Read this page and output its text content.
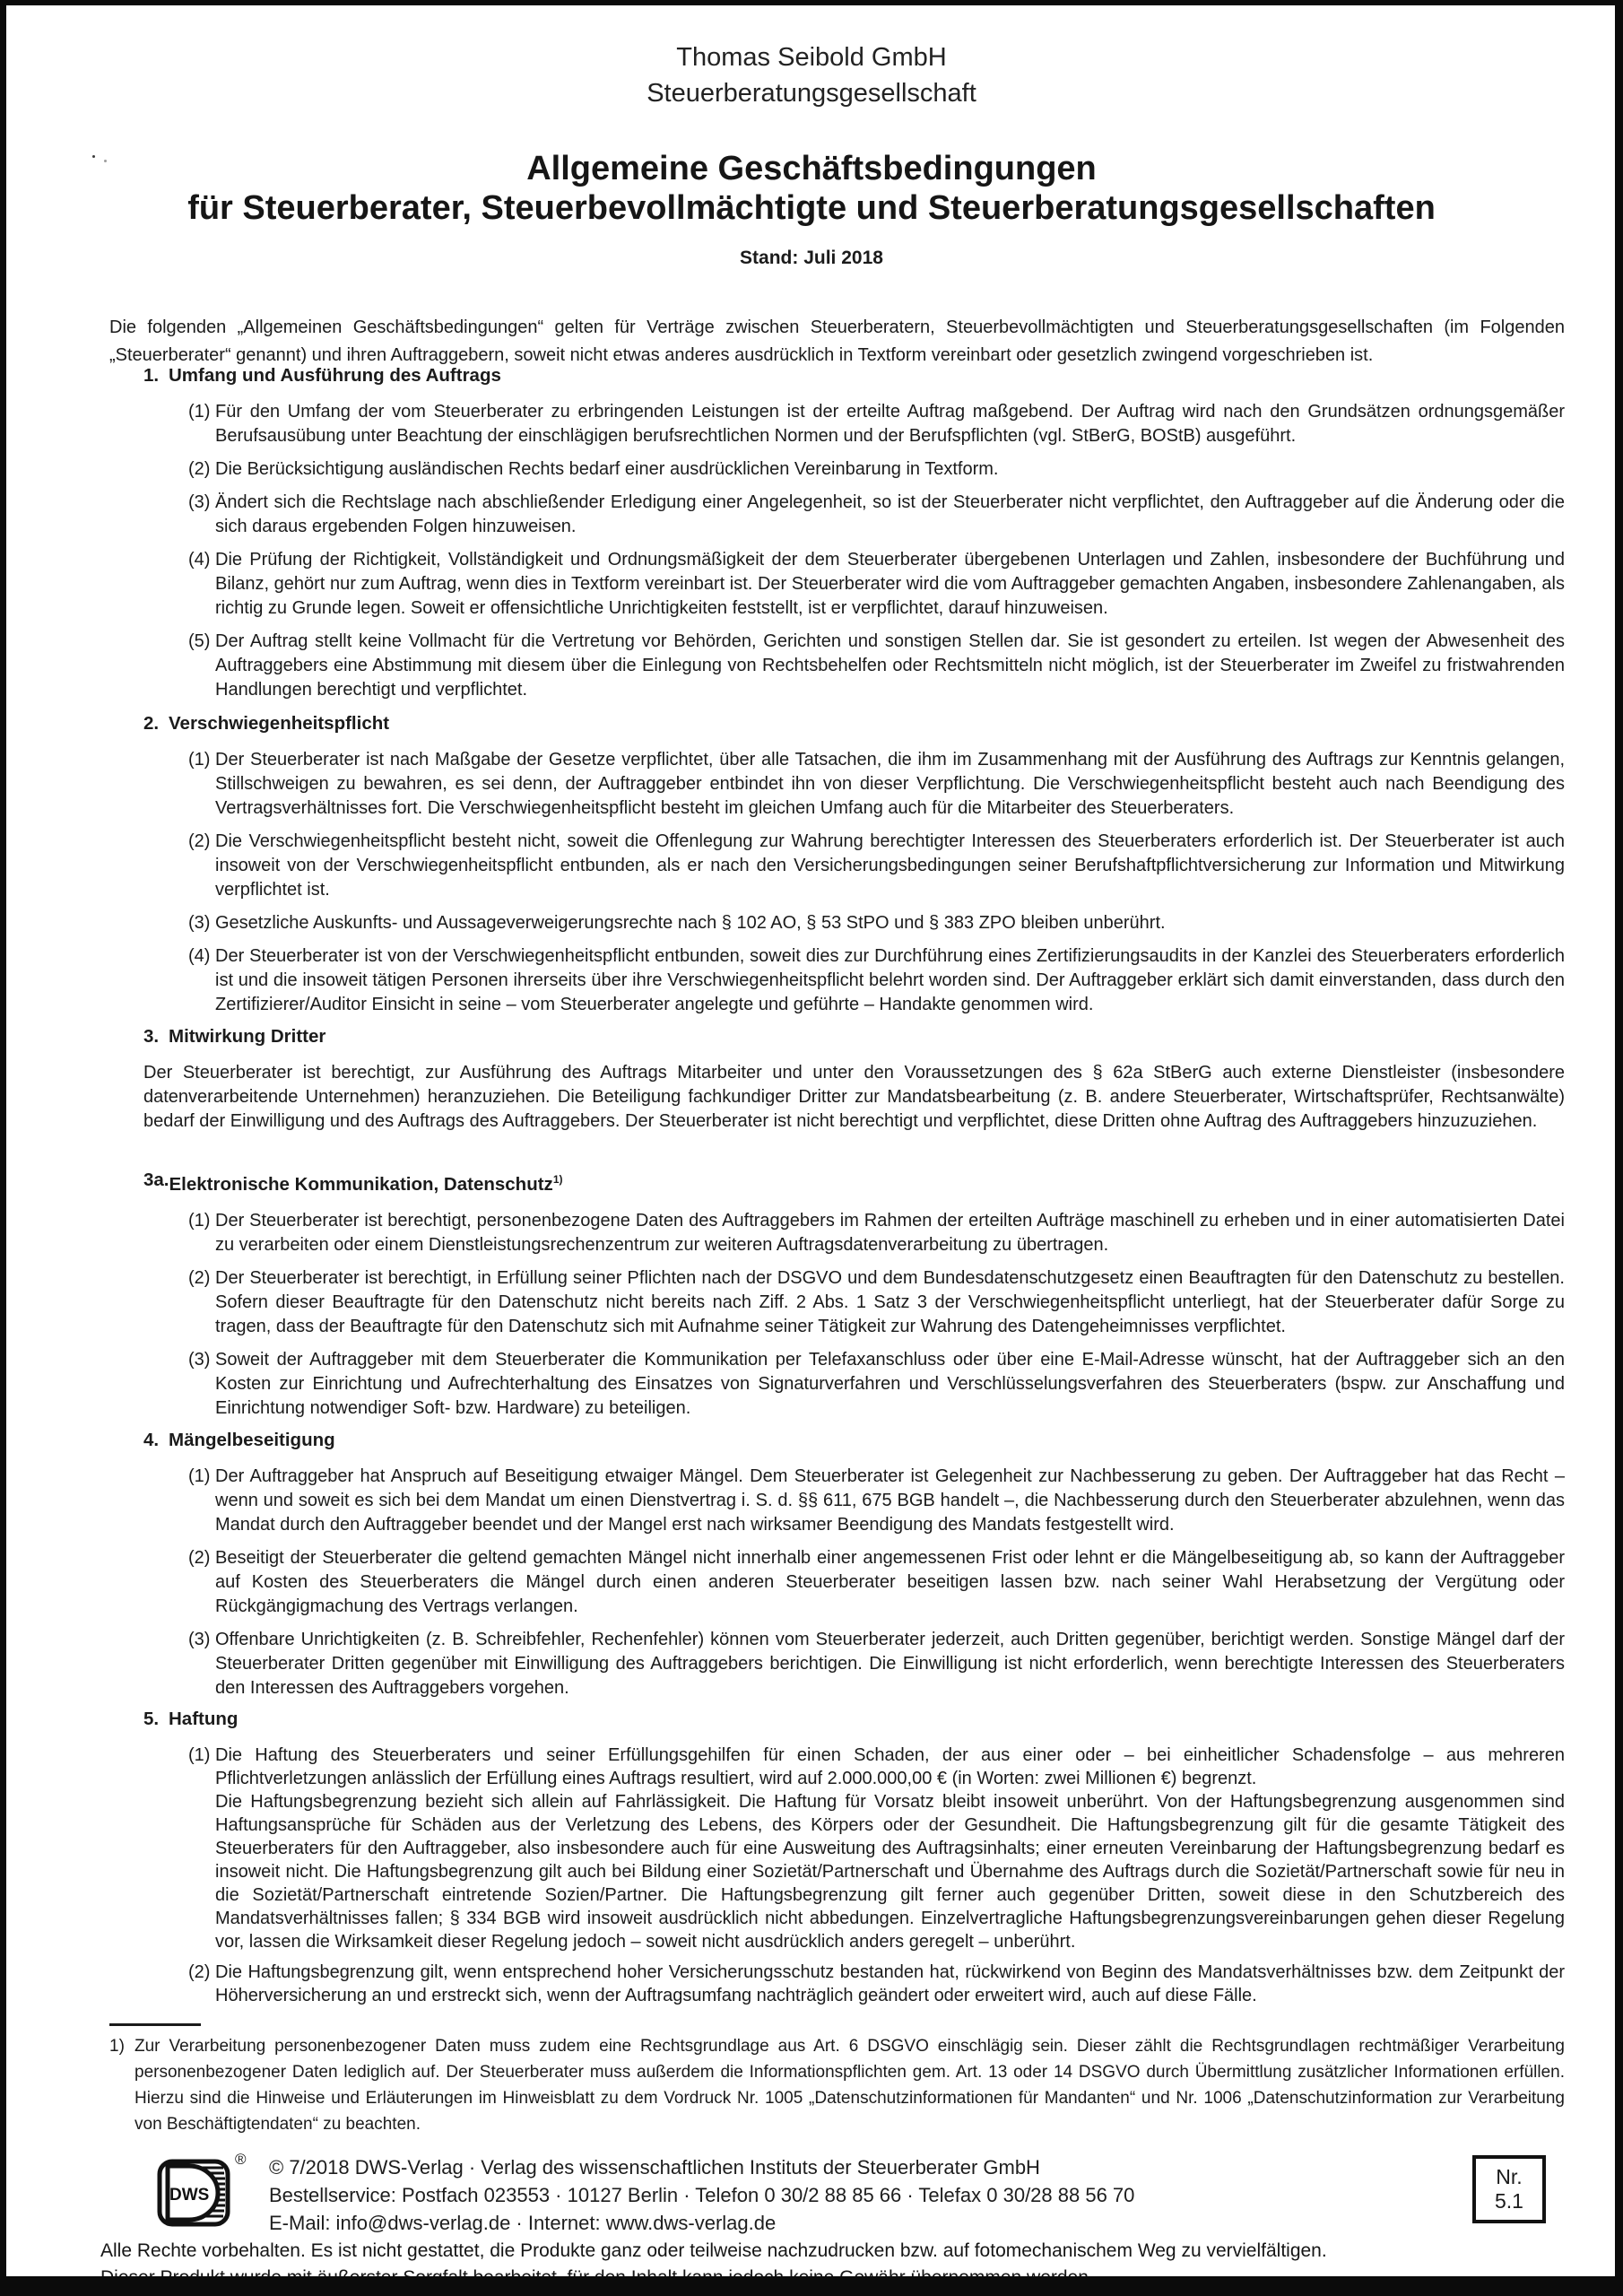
Thomas Seibold GmbH
Steuerberatungsgesellschaft
Allgemeine Geschäftsbedingungen
für Steuerberater, Steuerbevollmächtigte und Steuerberatungsgesellschaften
Stand: Juli 2018

Die folgenden „Allgemeinen Geschäftsbedingungen“ gelten für Verträge zwischen Steuerberatern, Steuerbevollmächtigten und Steuerberatungsgesellschaften (im Folgenden „Steuerberater“ genannt) und ihren Auftraggebern, soweit nicht etwas anderes ausdrücklich in Textform vereinbart oder gesetzlich zwingend vorgeschrieben ist.

1. Umfang und Ausführung des Auftrags
(1) Für den Umfang der vom Steuerberater zu erbringenden Leistungen ist der erteilte Auftrag maßgebend. Der Auftrag wird nach den Grundsätzen ordnungsgemäßer Berufsausübung unter Beachtung der einschlägigen berufsrechtlichen Normen und der Berufspflichten (vgl. StBerG, BOStB) ausgeführt.
(2) Die Berücksichtigung ausländischen Rechts bedarf einer ausdrücklichen Vereinbarung in Textform.
(3) Ändert sich die Rechtslage nach abschließender Erledigung einer Angelegenheit, so ist der Steuerberater nicht verpflichtet, den Auftraggeber auf die Änderung oder die sich daraus ergebenden Folgen hinzuweisen.
(4) Die Prüfung der Richtigkeit, Vollständigkeit und Ordnungsmäßigkeit der dem Steuerberater übergebenen Unterlagen und Zahlen, insbesondere der Buchführung und Bilanz, gehört nur zum Auftrag, wenn dies in Textform vereinbart ist. Der Steuerberater wird die vom Auftraggeber gemachten Angaben, insbesondere Zahlenangaben, als richtig zu Grunde legen. Soweit er offensichtliche Unrichtigkeiten feststellt, ist er verpflichtet, darauf hinzuweisen.
(5) Der Auftrag stellt keine Vollmacht für die Vertretung vor Behörden, Gerichten und sonstigen Stellen dar. Sie ist gesondert zu erteilen. Ist wegen der Abwesenheit des Auftraggebers eine Abstimmung mit diesem über die Einlegung von Rechtsbehelfen oder Rechtsmitteln nicht möglich, ist der Steuerberater im Zweifel zu fristwahrenden Handlungen berechtigt und verpflichtet.
2. Verschwiegenheitspflicht
(1) Der Steuerberater ist nach Maßgabe der Gesetze verpflichtet, über alle Tatsachen, die ihm im Zusammenhang mit der Ausführung des Auftrags zur Kenntnis gelangen, Stillschweigen zu bewahren, es sei denn, der Auftraggeber entbindet ihn von dieser Verpflichtung. Die Verschwiegenheitspflicht besteht auch nach Beendigung des Vertragsverhältnisses fort. Die Verschwiegenheitspflicht besteht im gleichen Umfang auch für die Mitarbeiter des Steuerberaters.
(2) Die Verschwiegenheitspflicht besteht nicht, soweit die Offenlegung zur Wahrung berechtigter Interessen des Steuerberaters erforderlich ist. Der Steuerberater ist auch insoweit von der Verschwiegenheitspflicht entbunden, als er nach den Versicherungsbedingungen seiner Berufshaftpflichtversicherung zur Information und Mitwirkung verpflichtet ist.
(3) Gesetzliche Auskunfts- und Aussageverweigerungsrechte nach § 102 AO, § 53 StPO und § 383 ZPO bleiben unberührt.
(4) Der Steuerberater ist von der Verschwiegenheitspflicht entbunden, soweit dies zur Durchführung eines Zertifizierungsaudits in der Kanzlei des Steuerberaters erforderlich ist und die insoweit tätigen Personen ihrerseits über ihre Verschwiegenheitspflicht belehrt worden sind. Der Auftraggeber erklärt sich damit einverstanden, dass durch den Zertifizierer/Auditor Einsicht in seine – vom Steuerberater angelegte und geführte – Handakte genommen wird.
3. Mitwirkung Dritter
Der Steuerberater ist berechtigt, zur Ausführung des Auftrags Mitarbeiter und unter den Voraussetzungen des § 62a StBerG auch externe Dienstleister (insbesondere datenverarbeitende Unternehmen) heranzuziehen. Die Beteiligung fachkundiger Dritter zur Mandatsbearbeitung (z. B. andere Steuerberater, Wirtschaftsprüfer, Rechtsanwälte) bedarf der Einwilligung und des Auftrags des Auftraggebers. Der Steuerberater ist nicht berechtigt und verpflichtet, diese Dritten ohne Auftrag des Auftraggebers hinzuzuziehen.
3a. Elektronische Kommunikation, Datenschutz$^{1)}$
(1) Der Steuerberater ist berechtigt, personenbezogene Daten des Auftraggebers im Rahmen der erteilten Aufträge maschinell zu erheben und in einer automatisierten Datei zu verarbeiten oder einem Dienstleistungsrechenzentrum zur weiteren Auftragsdatenverarbeitung zu übertragen.
(2) Der Steuerberater ist berechtigt, in Erfüllung seiner Pflichten nach der DSGVO und dem Bundesdatenschutzgesetz einen Beauftragten für den Datenschutz zu bestellen. Sofern dieser Beauftragte für den Datenschutz nicht bereits nach Ziff. 2 Abs. 1 Satz 3 der Verschwiegenheitspflicht unterliegt, hat der Steuerberater dafür Sorge zu tragen, dass der Beauftragte für den Datenschutz sich mit Aufnahme seiner Tätigkeit zur Wahrung des Datengeheimnisses verpflichtet.
(3) Soweit der Auftraggeber mit dem Steuerberater die Kommunikation per Telefaxanschluss oder über eine E-Mail-Adresse wünscht, hat der Auftraggeber sich an den Kosten zur Einrichtung und Aufrechterhaltung des Einsatzes von Signaturverfahren und Verschlüsselungsverfahren des Steuerberaters (bspw. zur Anschaffung und Einrichtung notwendiger Soft- bzw. Hardware) zu beteiligen.
4. Mängelbeseitigung
(1) Der Auftraggeber hat Anspruch auf Beseitigung etwaiger Mängel. Dem Steuerberater ist Gelegenheit zur Nachbesserung zu geben. Der Auftraggeber hat das Recht – wenn und soweit es sich bei dem Mandat um einen Dienstvertrag i. S. d. §§ 611, 675 BGB handelt –, die Nachbesserung durch den Steuerberater abzulehnen, wenn das Mandat durch den Auftraggeber beendet und der Mangel erst nach wirksamer Beendigung des Mandats festgestellt wird.
(2) Beseitigt der Steuerberater die geltend gemachten Mängel nicht innerhalb einer angemessenen Frist oder lehnt er die Mängelbeseitigung ab, so kann der Auftraggeber auf Kosten des Steuerberaters die Mängel durch einen anderen Steuerberater beseitigen lassen bzw. nach seiner Wahl Herabsetzung der Vergütung oder Rückgängigmachung des Vertrags verlangen.
(3) Offenbare Unrichtigkeiten (z. B. Schreibfehler, Rechenfehler) können vom Steuerberater jederzeit, auch Dritten gegenüber, berichtigt werden. Sonstige Mängel darf der Steuerberater Dritten gegenüber mit Einwilligung des Auftraggebers berichtigen. Die Einwilligung ist nicht erforderlich, wenn berechtigte Interessen des Steuerberaters den Interessen des Auftraggebers vorgehen.
5. Haftung
(1) Die Haftung des Steuerberaters und seiner Erfüllungsgehilfen für einen Schaden, der aus einer oder – bei einheitlicher Schadensfolge – aus mehreren Pflichtverletzungen anlässlich der Erfüllung eines Auftrags resultiert, wird auf 2.000.000,00 € (in Worten: zwei Millionen €) begrenzt.
Die Haftungsbegrenzung bezieht sich allein auf Fahrlässigkeit. Die Haftung für Vorsatz bleibt insoweit unberührt. Von der Haftungsbegrenzung ausgenommen sind Haftungsansprüche für Schäden aus der Verletzung des Lebens, des Körpers oder der Gesundheit. Die Haftungsbegrenzung gilt für die gesamte Tätigkeit des Steuerberaters für den Auftraggeber, also insbesondere auch für eine Ausweitung des Auftragsinhalts; einer erneuten Vereinbarung der Haftungsbegrenzung bedarf es insoweit nicht. Die Haftungsbegrenzung gilt auch bei Bildung einer Sozietät/Partnerschaft und Übernahme des Auftrags durch die Sozietät/Partnerschaft sowie für neu in die Sozietät/Partnerschaft eintretende Sozien/Partner. Die Haftungsbegrenzung gilt ferner auch gegenüber Dritten, soweit diese in den Schutzbereich des Mandatsverhältnisses fallen; § 334 BGB wird insoweit ausdrücklich nicht abbedungen. Einzelvertragliche Haftungsbegrenzungsvereinbarungen gehen dieser Regelung vor, lassen die Wirksamkeit dieser Regelung jedoch – soweit nicht ausdrücklich anders geregelt – unberührt.
(2) Die Haftungsbegrenzung gilt, wenn entsprechend hoher Versicherungsschutz bestanden hat, rückwirkend von Beginn des Mandatsverhältnisses bzw. dem Zeitpunkt der Höherversicherung an und erstreckt sich, wenn der Auftragsumfang nachträglich geändert oder erweitert wird, auch auf diese Fälle.
1) Zur Verarbeitung personenbezogener Daten muss zudem eine Rechtsgrundlage aus Art. 6 DSGVO einschlägig sein. Dieser zählt die Rechtsgrundlagen rechtmäßiger Verarbeitung personenbezogener Daten lediglich auf. Der Steuerberater muss außerdem die Informationspflichten gem. Art. 13 oder 14 DSGVO durch Übermittlung zusätzlicher Informationen erfüllen. Hierzu sind die Hinweise und Erläuterungen im Hinweisblatt zu dem Vordruck Nr. 1005 „Datenschutzinformationen für Mandanten“ und Nr. 1006 „Datenschutzinformation zur Verarbeitung von Beschäftigtendaten“ zu beachten.
DWS
® © 7/2018 DWS-Verlag · Verlag des wissenschaftlichen Instituts der Steuerberater GmbH
Bestellservice: Postfach 023553 · 10127 Berlin · Telefon 0 30/2 88 85 66 · Telefax 0 30/28 88 56 70
E-Mail: info@dws-verlag.de · Internet: www.dws-verlag.de
Nr.
5.1
Alle Rechte vorbehalten. Es ist nicht gestattet, die Produkte ganz oder teilweise nachzudrucken bzw. auf fotomechanischem Weg zu vervielfältigen.
